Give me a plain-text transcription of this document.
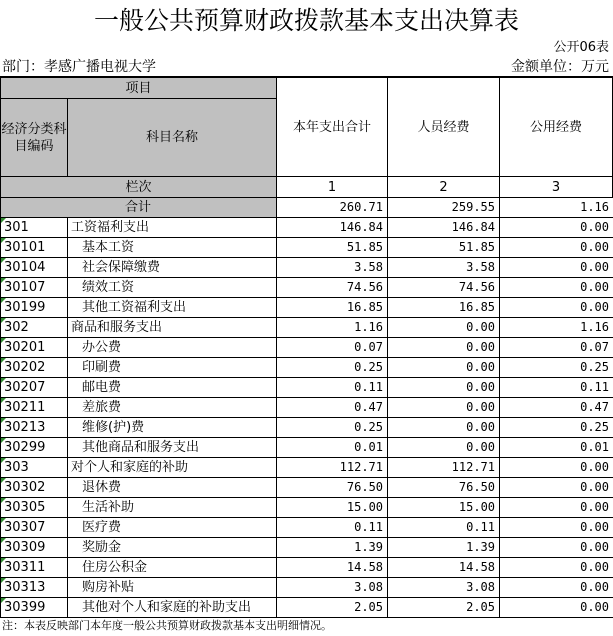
一般公共预算财政拨款基本支出决算表
公开06表
部门：孝感广播电视大学	金额单位：万元
项目
经济分类科目编码
科目名称
本年支出合计	人员经费	公用经费
栏次	1	2	3
合计		260.71	259.55	1.16
301	工资福利支出	146.84	146.84	0.00
30101	基本工资	51.85	51.85	0.00
30104	社会保障缴费	3.58	3.58	0.00
30107	绩效工资	74.56	74.56	0.00
30199	其他工资福利支出	16.85	16.85	0.00
302	商品和服务支出	1.16	0.00	1.16
30201	办公费	0.07	0.00	0.07
30202	印刷费	0.25	0.00	0.25
30207	邮电费	0.11	0.00	0.11
30211	差旅费	0.47	0.00	0.47
30213	维修(护)费	0.25	0.00	0.25
30299	其他商品和服务支出	0.01	0.00	0.01
303	对个人和家庭的补助	112.71	112.71	0.00
30302	退休费	76.50	76.50	0.00
30305	生活补助	15.00	15.00	0.00
30307	医疗费	0.11	0.11	0.00
30309	奖励金	1.39	1.39	0.00
30311	住房公积金	14.58	14.58	0.00
30313	购房补贴	3.08	3.08	0.00
30399	其他对个人和家庭的补助支出	2.05	2.05	0.00
注：本表反映部门本年度一般公共预算财政拨款基本支出明细情况。
